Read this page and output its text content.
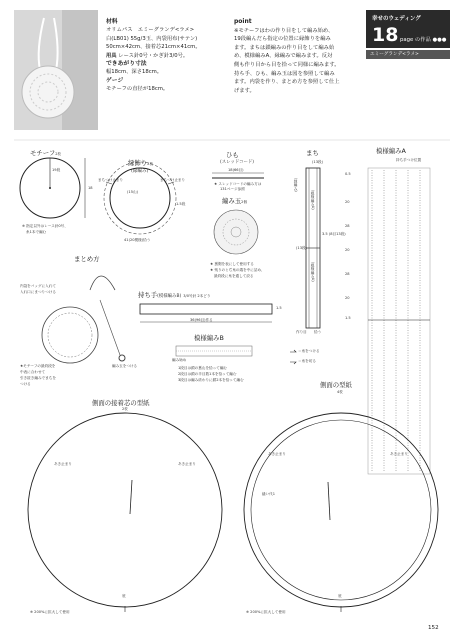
材料
オリムパス　エミーグランデ<ラメ>
白(LB01) 55g/3玉、内袋用布(サテン)
50cm×42cm、接着芯21cm×41cm。
用具 レース針0号・かぎ針3/0号。
できあがり寸法
幅18cm、深さ18cm。
ゲージ
モチーフの直径が18cm。
point
※モチーフはわの作り目をして編み始め、
19段編んだら指定の位置に縁飾りを編み
ます。まちは鎖編みの作り目をして編み始
め、模様編みA、縁編みで編みます。反対
側も作り目から目を拾って同様に編みます。
持ち手、ひも、編み玉は図を参照して編み
ます。内袋を作り、まとめ方を参照して仕上
げます。
幸せのウェディング
18 page の作品 ●●●
エミーグランデ<ラメ>
モチーフ2枚
19段
18
※ 指定以外はレース針0号、
糸1本で編む
縁飾り2枚
(縁編み)
まちつけ止まり	まちつけ止まり
(15山)
1.5段
41(20模様)拾う
ひも
(スレッドコード)
18(66目)
★ スレッドコードの編み方は
131ページ参照
編み玉2個
★ 裏側を表にして使用する
★ 残りのとぢ糸の端を中に詰め、
最終段に糸を通して絞る
まち
(13段)
(縁編み)
(模様編みA)
3.5 (8目13段)
(13段)
(模様編みA)
作り目 拾う
模様編みA
持ち手つけ位置
0.5
20
28
20
28
20
1.5
まとめ方
内袋をバッグに入れて
入れ口にまつりつける
★モチーフの最終段を
中表に合わせて
引き抜き編みでまちを
つける
編み玉をつける
持ち手(模様編みB) 3/0号針 2本どり
36(96目)作る
1.5
模様編みB
編み始め
1段目は鎖の裏山を拾って編む
2段目は鎖の半目数1本を拾って編む
3段目は編み終わりに鎖2本を拾って編む
＝糸をつける
＝糸を切る
側面の接着芯の型紙
2枚
あき止まり	あき止まり
底
※ 200%に拡大して使用
側面の型紙
4枚
あき止まり	あき止まり
縫い代1
底
※ 200%に拡大して使用
152
